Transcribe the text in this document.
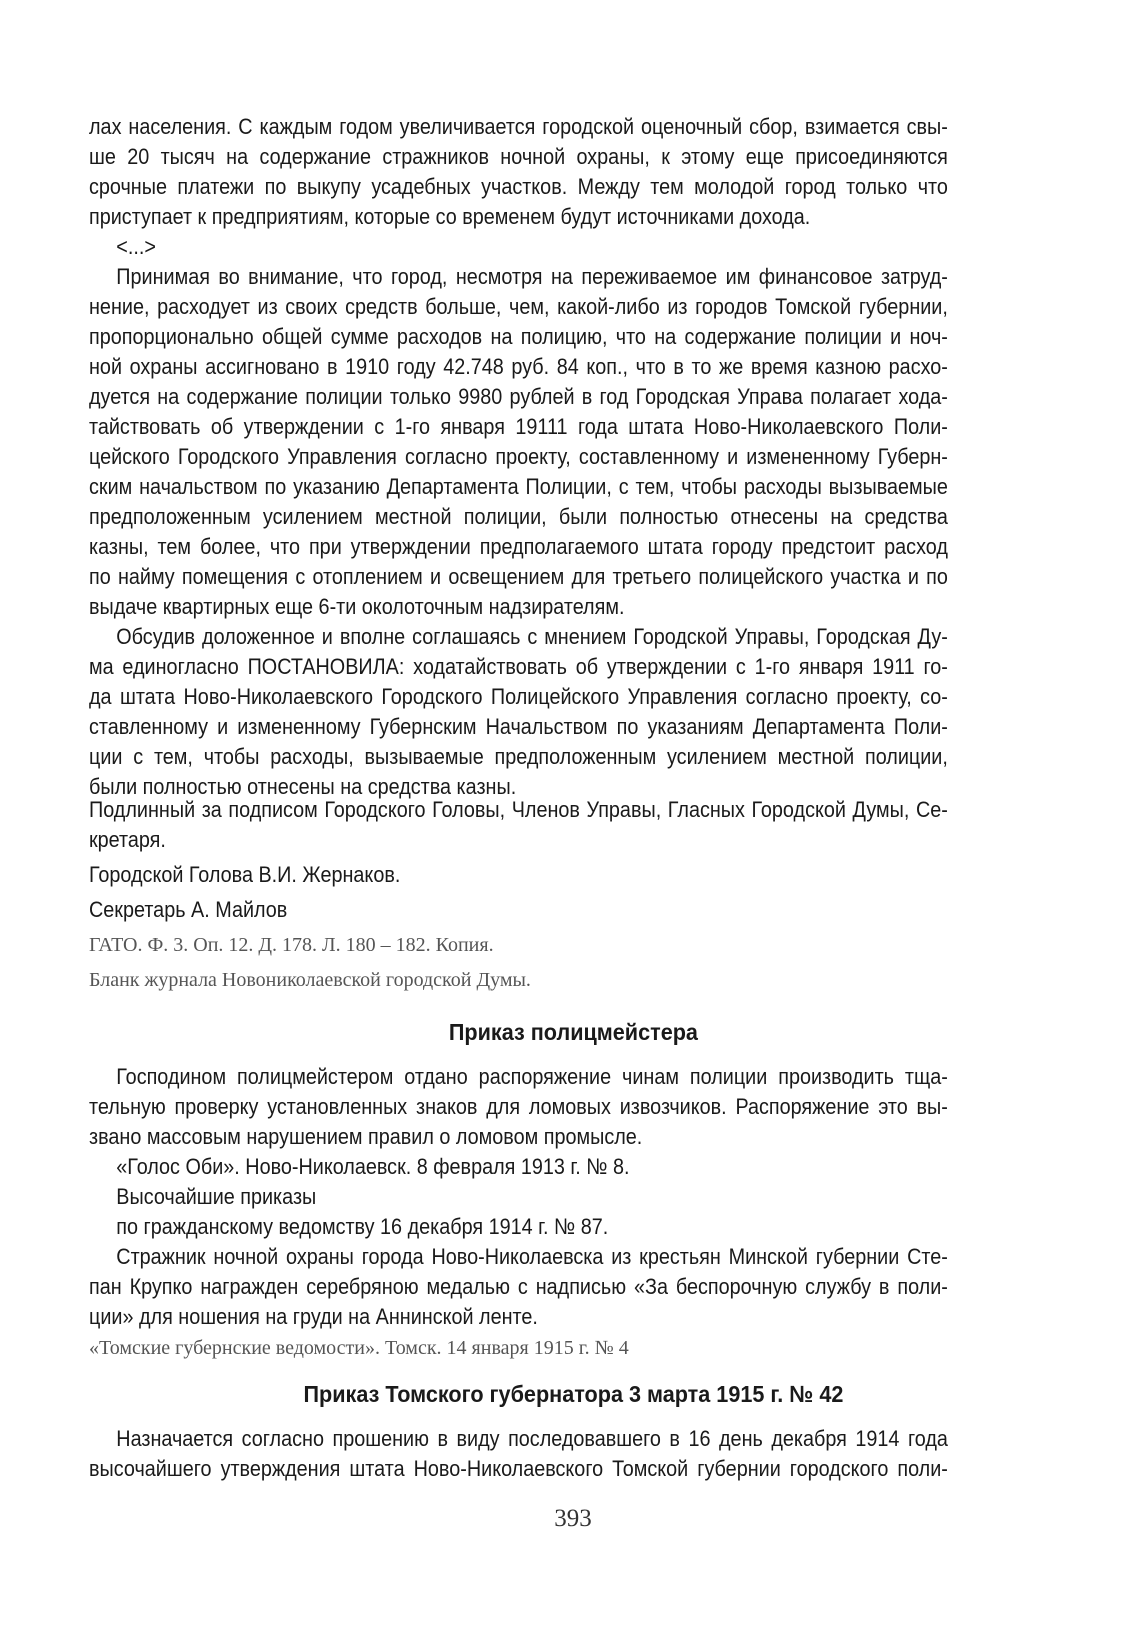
лах населения. С каждым годом увеличивается городской оценочный сбор, взимается свы-
ше 20 тысяч на содержание стражников ночной охраны, к этому еще присоединяются
срочные платежи по выкупу усадебных участков. Между тем молодой город только что
приступает к предприятиям, которые со временем будут источниками дохода.
<...>
Принимая во внимание, что город, несмотря на переживаемое им финансовое затруд-
нение, расходует из своих средств больше, чем, какой-либо из городов Томской губернии,
пропорционально общей сумме расходов на полицию, что на содержание полиции и ноч-
ной охраны ассигновано в 1910 году 42.748 руб. 84 коп., что в то же время казною расхо-
дуется на содержание полиции только 9980 рублей в год Городская Управа полагает хода-
тайствовать об утверждении с 1-го января 19111 года штата Ново-Николаевского Поли-
цейского Городского Управления согласно проекту, составленному и измененному Губерн-
ским начальством по указанию Департамента Полиции, с тем, чтобы расходы вызываемые
предположенным усилением местной полиции, были полностью отнесены на средства
казны, тем более, что при утверждении предполагаемого штата городу предстоит расход
по найму помещения с отоплением и освещением для третьего полицейского участка и по
выдаче квартирных еще 6-ти околоточным надзирателям.
Обсудив доложенное и вполне соглашаясь с мнением Городской Управы, Городская Ду-
ма единогласно ПОСТАНОВИЛА: ходатайствовать об утверждении с 1-го января 1911 го-
да штата Ново-Николаевского Городского Полицейского Управления согласно проекту, со-
ставленному и измененному Губернским Начальством по указаниям Департамента Поли-
ции с тем, чтобы расходы, вызываемые предположенным усилением местной полиции,
были полностью отнесены на средства казны.
Подлинный за подписом Городского Головы, Членов Управы, Гласных Городской Думы, Се-
кретаря.
Городской Голова В.И. Жернаков.
Секретарь А. Майлов
ГАТО. Ф. 3. Оп. 12. Д. 178. Л. 180 – 182. Копия.
Бланк журнала Новониколаевской городской Думы.
Приказ полицмейстера
Господином полицмейстером отдано распоряжение чинам полиции производить тща-
тельную проверку установленных знаков для ломовых извозчиков. Распоряжение это вы-
звано массовым нарушением правил о ломовом промысле.
«Голос Оби». Ново-Николаевск. 8 февраля 1913 г. № 8.
Высочайшие приказы
по гражданскому ведомству 16 декабря 1914 г. № 87.
Стражник ночной охраны города Ново-Николаевска из крестьян Минской губернии Сте-
пан Крупко награжден серебряною медалью с надписью «За беспорочную службу в поли-
ции» для ношения на груди на Аннинской ленте.
«Томские губернские ведомости». Томск. 14 января 1915 г. № 4
Приказ Томского губернатора 3 марта 1915 г. № 42
Назначается согласно прошению в виду последовавшего в 16 день декабря 1914 года
высочайшего утверждения штата Ново-Николаевского Томской губернии городского поли-
393
